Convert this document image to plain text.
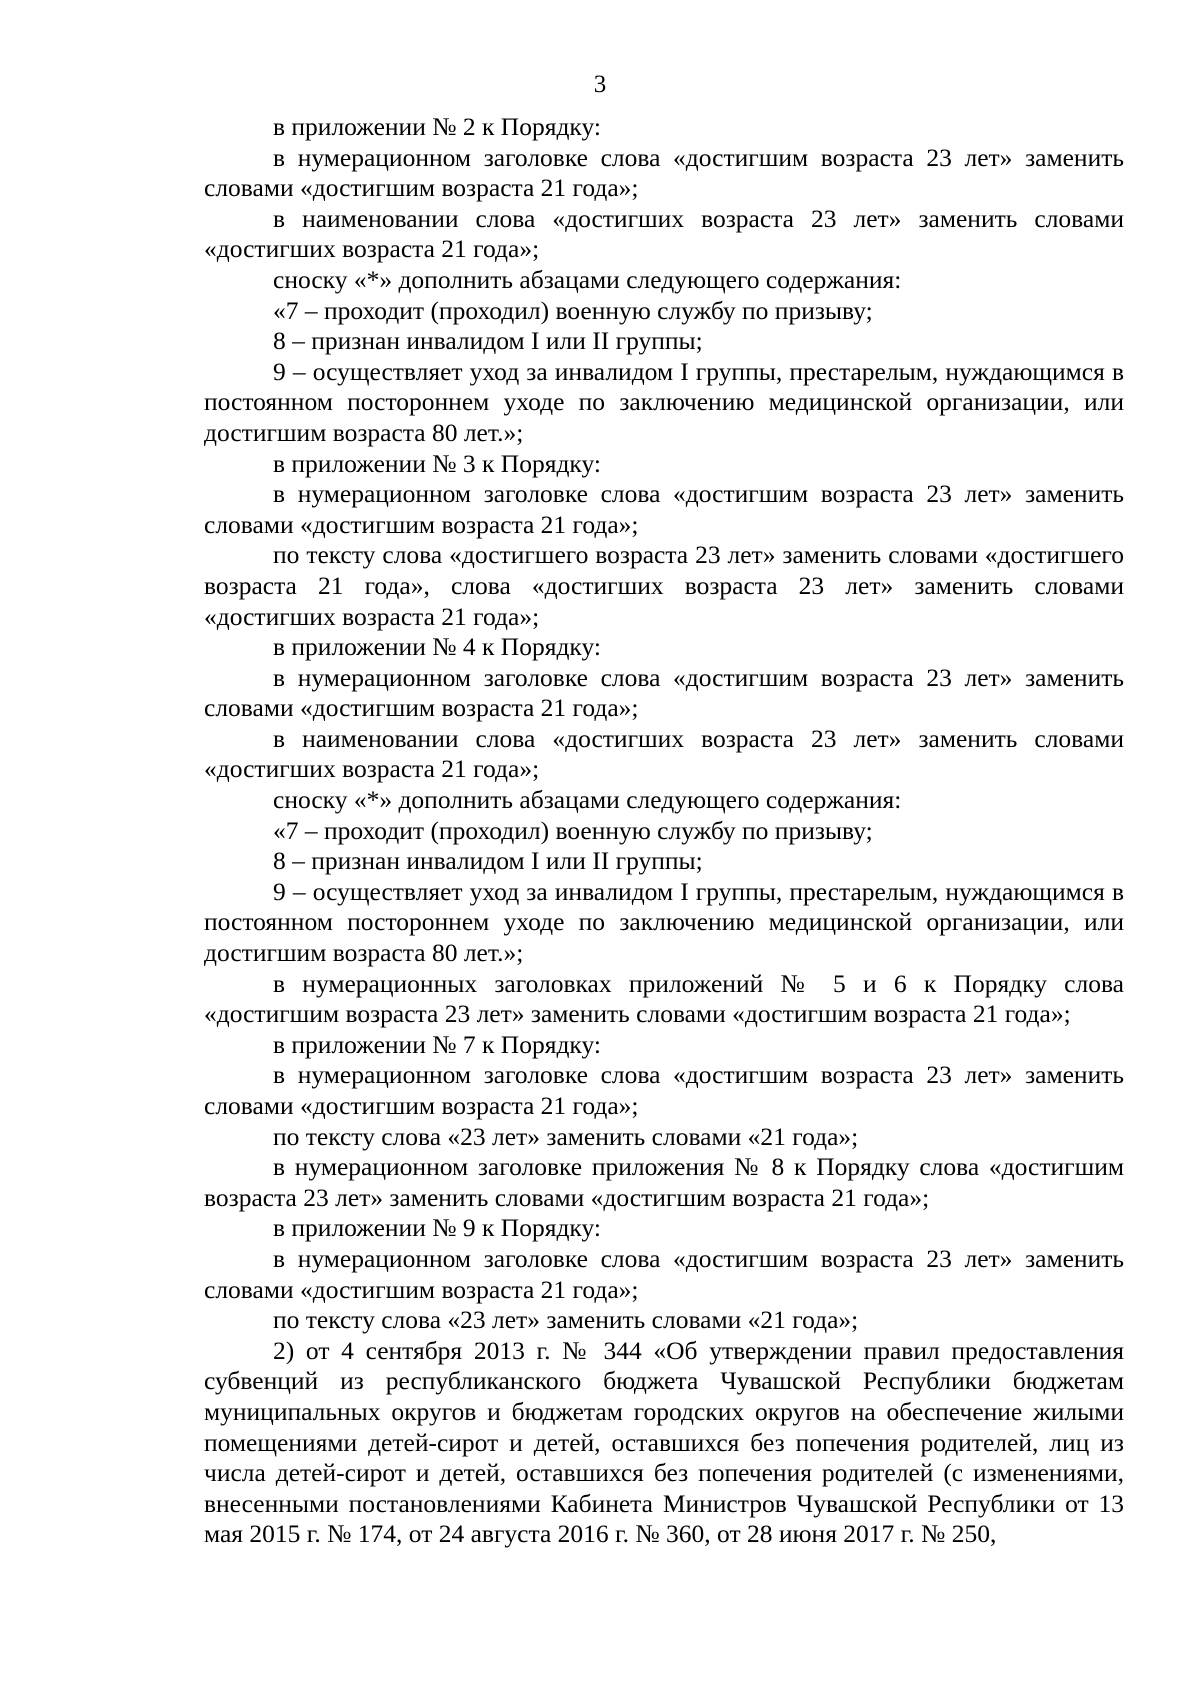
3

в приложении № 2 к Порядку:

в нумерационном заголовке слова «достигшим возраста 23 лет» заменить словами «достигшим возраста 21 года»;

в наименовании слова «достигших возраста 23 лет» заменить словами «достигших возраста 21 года»;

сноску «*» дополнить абзацами следующего содержания:

«7 – проходит (проходил) военную службу по призыву;

8 – признан инвалидом I или II группы;

9 – осуществляет уход за инвалидом I группы, престарелым, нуждающимся в постоянном постороннем уходе по заключению медицинской организации, или достигшим возраста 80 лет.»;

в приложении № 3 к Порядку:

в нумерационном заголовке слова «достигшим возраста 23 лет» заменить словами «достигшим возраста 21 года»;

по тексту слова «достигшего возраста 23 лет» заменить словами «достигшего возраста 21 года», слова «достигших возраста 23 лет» заменить словами «достигших возраста 21 года»;

в приложении № 4 к Порядку:

в нумерационном заголовке слова «достигшим возраста 23 лет» заменить словами «достигшим возраста 21 года»;

в наименовании слова «достигших возраста 23 лет» заменить словами «достигших возраста 21 года»;

сноску «*» дополнить абзацами следующего содержания:

«7 – проходит (проходил) военную службу по призыву;

8 – признан инвалидом I или II группы;

9 – осуществляет уход за инвалидом I группы, престарелым, нуждающимся в постоянном постороннем уходе по заключению медицинской организации, или достигшим возраста 80 лет.»;

в нумерационных заголовках приложений № 5 и 6 к Порядку слова «достигшим возраста 23 лет» заменить словами «достигшим возраста 21 года»;

в приложении № 7 к Порядку:

в нумерационном заголовке слова «достигшим возраста 23 лет» заменить словами «достигшим возраста 21 года»;

по тексту слова «23 лет» заменить словами «21 года»;

в нумерационном заголовке приложения № 8 к Порядку слова «достигшим возраста 23 лет» заменить словами «достигшим возраста 21 года»;

в приложении № 9 к Порядку:

в нумерационном заголовке слова «достигшим возраста 23 лет» заменить словами «достигшим возраста 21 года»;

по тексту слова «23 лет» заменить словами «21 года»;

2) от 4 сентября 2013 г. № 344 «Об утверждении правил предоставления субвенций из республиканского бюджета Чувашской Республики бюджетам муниципальных округов и бюджетам городских округов на обеспечение жилыми помещениями детей-сирот и детей, оставшихся без попечения родителей, лиц из числа детей-сирот и детей, оставшихся без попечения родителей (с изменениями, внесенными постановлениями Кабинета Министров Чувашской Республики от 13 мая 2015 г. № 174, от 24 августа 2016 г. № 360, от 28 июня 2017 г. № 250,
